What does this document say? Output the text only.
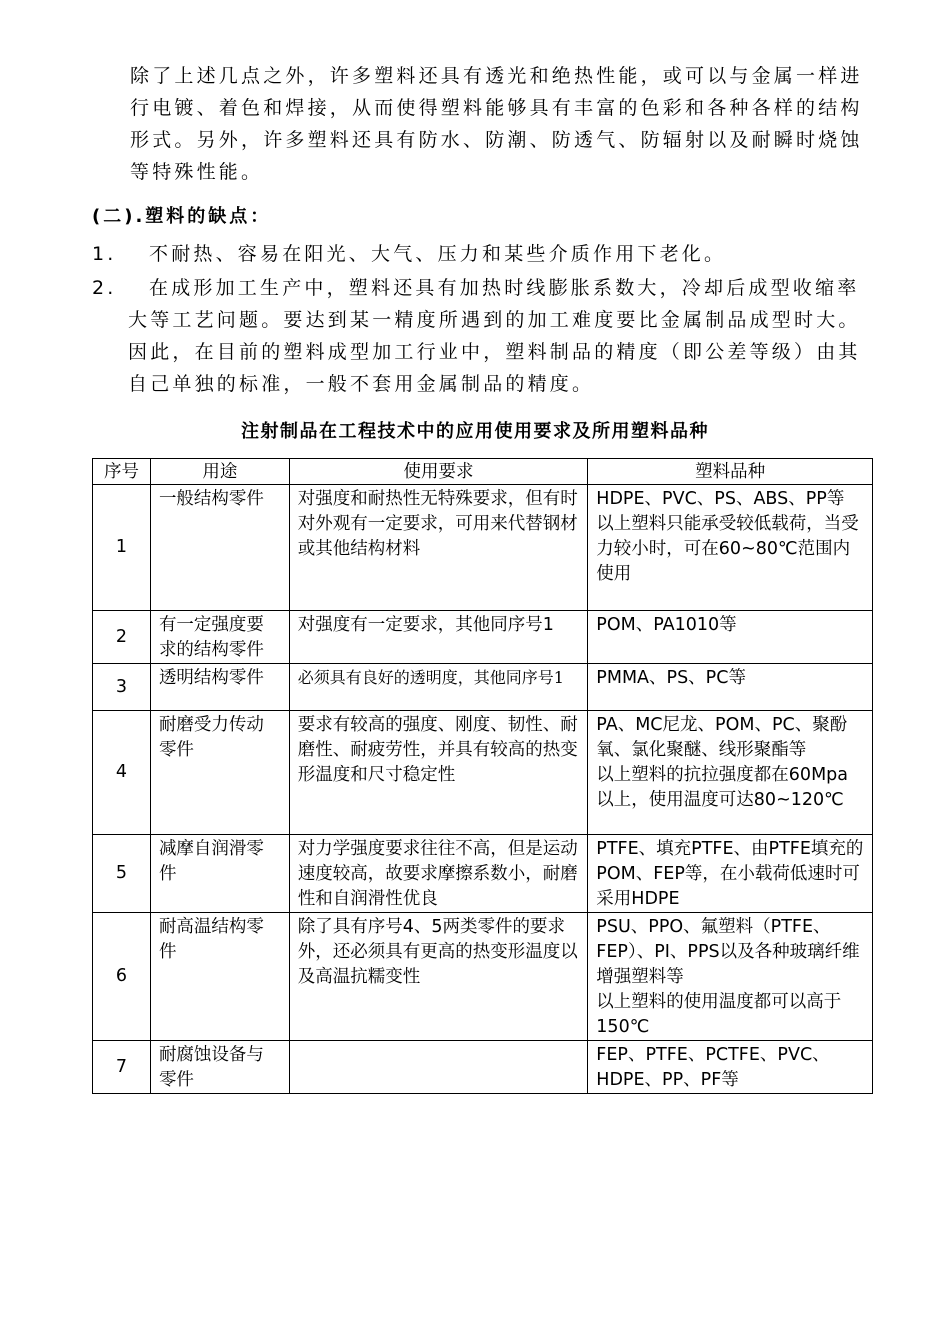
除了上述几点之外，许多塑料还具有透光和绝热性能，或可以与金属一样进
行电镀、着色和焊接，从而使得塑料能够具有丰富的色彩和各种各样的结构
形式。另外，许多塑料还具有防水、防潮、防透气、防辐射以及耐瞬时烧蚀
等特殊性能。
(二).塑料的缺点：
1. 不耐热、容易在阳光、大气、压力和某些介质作用下老化。
2. 在成形加工生产中，塑料还具有加热时线膨胀系数大，冷却后成型收缩率
大等工艺问题。要达到某一精度所遇到的加工难度要比金属制品成型时大。
因此，在目前的塑料成型加工行业中，塑料制品的精度（即公差等级）由其
自己单独的标准，一般不套用金属制品的精度。
注射制品在工程技术中的应用使用要求及所用塑料品种
序号	用途	使用要求	塑料品种
1	一般结构零件	对强度和耐热性无特殊要求，但有时对外观有一定要求，可用来代替钢材或其他结构材料	HDPE、PVC、PS、ABS、PP等
以上塑料只能承受较低载荷，当受力较小时，可在60~80℃范围内使用

2	有一定强度要求的结构零件	对强度有一定要求，其他同序号1	POM、PA1010等

3	透明结构零件	必须具有良好的透明度，其他同序号1	PMMA、PS、PC等

4	耐磨受力传动零件	要求有较高的强度、刚度、韧性、耐磨性、耐疲劳性，并具有较高的热变形温度和尺寸稳定性	PA、MC尼龙、POM、PC、聚酚氧、氯化聚醚、线形聚酯等
以上塑料的抗拉强度都在60Mpa以上，使用温度可达80~120℃

5	减摩自润滑零件	对力学强度要求往往不高，但是运动速度较高，故要求摩擦系数小，耐磨性和自润滑性优良	PTFE、填充PTFE、由PTFE填充的POM、FEP等，在小载荷低速时可采用HDPE

6	耐高温结构零件	除了具有序号4、5两类零件的要求外，还必须具有更高的热变形温度以及高温抗糯变性	PSU、PPO、氟塑料（PTFE、FEP）、PI、PPS以及各种玻璃纤维增强塑料等
以上塑料的使用温度都可以高于150℃

7	耐腐蚀设备与零件		FEP、PTFE、PCTFE、PVC、HDPE、PP、PF等
